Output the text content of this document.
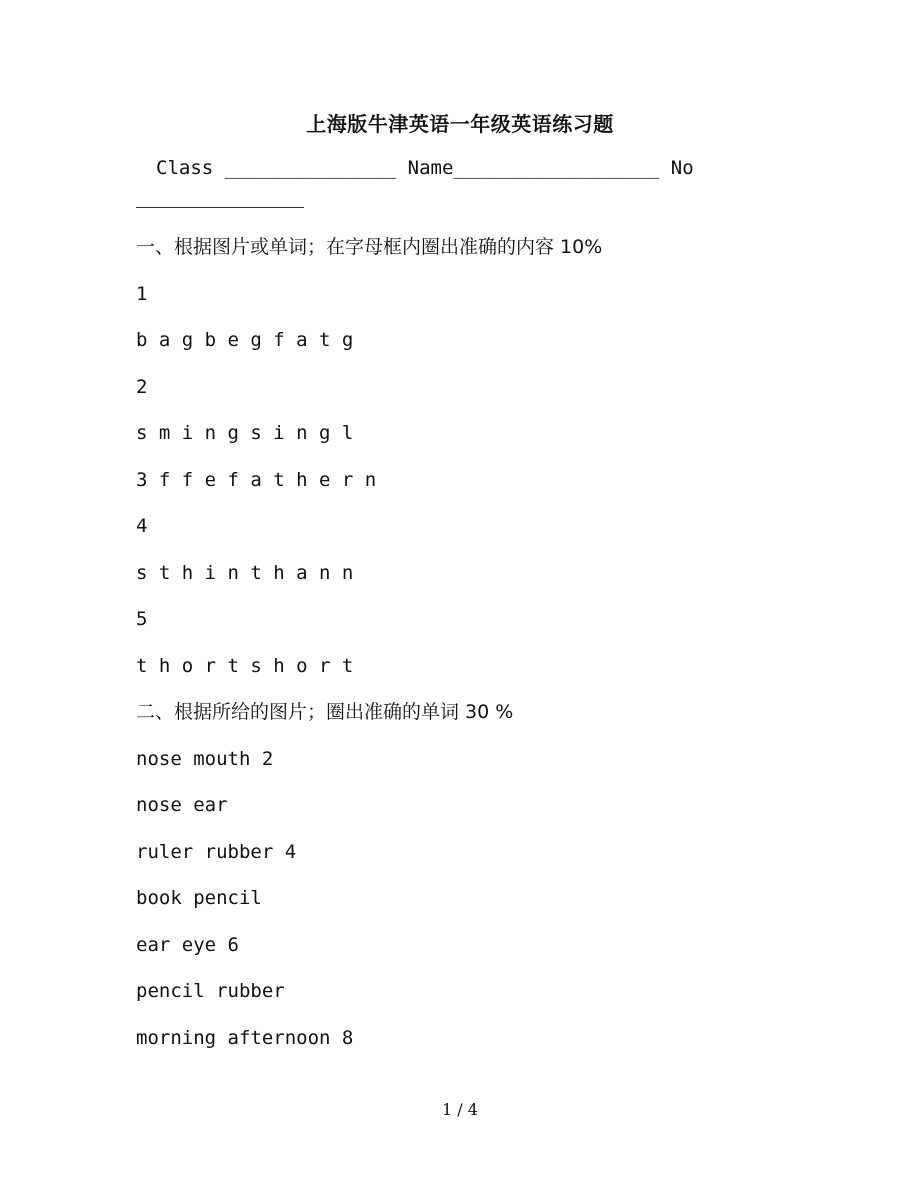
上海版牛津英语一年级英语练习题
Class _______________ Name__________________ No
一、根据图片或单词；在字母框内圈出准确的内容 10%
1
b a g b e g f a t g
2
s m i n g s i n g l
3 f f e f a t h e r n
4
s t h i n t h a n n
5
t h o r t s h o r t
二、根据所给的图片；圈出准确的单词 30 %
nose mouth 2
nose ear
ruler rubber 4
book pencil
ear eye 6
pencil rubber
morning afternoon 8
1 / 4
